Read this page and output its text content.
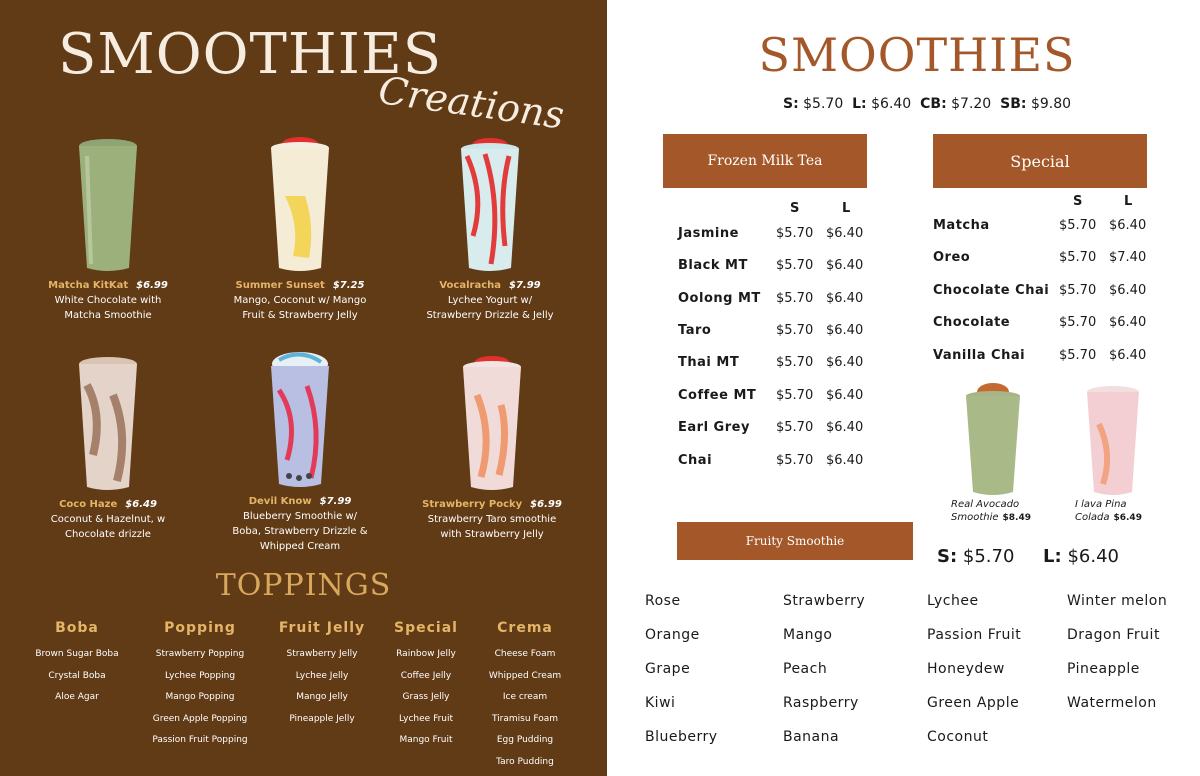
SMOOTHIES
Creations
Matcha KitKat $6.99
White Chocolate with Matcha Smoothie
Summer Sunset $7.25
Mango, Coconut w/ Mango Fruit & Strawberry Jelly
Vocalracha $7.99
Lychee Yogurt w/ Strawberry Drizzle & Jelly
Coco Haze $6.49
Coconut & Hazelnut, w Chocolate drizzle
Devil Know $7.99
Blueberry Smoothie w/ Boba, Strawberry Drizzle & Whipped Cream
Strawberry Pocky $6.99
Strawberry Taro smoothie with Strawberry Jelly
TOPPINGS
Boba
Brown Sugar Boba
Crystal Boba
Aloe Agar
Popping
Strawberry Popping
Lychee Popping
Mango Popping
Green Apple Popping
Passion Fruit Popping
Fruit Jelly
Strawberry Jelly
Lychee Jelly
Mango Jelly
Pineapple Jelly
Special
Rainbow Jelly
Coffee Jelly
Grass Jelly
Lychee Fruit
Mango Fruit
Crema
Cheese Foam
Whipped Cream
Ice cream
Tiramisu Foam
Egg Pudding
Taro Pudding
SMOOTHIES
S: $5.70 L: $6.40 CB: $7.20 SB: $9.80
Frozen Milk Tea
S	L
Jasmine	$5.70 $6.40
Black MT $5.70 $6.40
Oolong MT $5.70 $6.40
Taro	$5.70 $6.40
Thai MT	$5.70 $6.40
Coffee MT $5.70 $6.40
Earl Grey $5.70 $6.40
Chai	$5.70 $6.40
Special
S	L
Matcha	$5.70 $6.40
Oreo	$5.70 $7.40
Chocolate Chai $5.70 $6.40
Chocolate	$5.70 $6.40
Vanilla Chai	$5.70 $6.40
Real Avocado
Smoothie $8.49
I lava Pina
Colada $6.49
Fruity Smoothie
S: $5.70 L: $6.40
Rose	Strawberry	Lychee	Winter melon
Orange	Mango	Passion Fruit	Dragon Fruit
Grape	Peach	Honeydew	Pineapple
Kiwi	Raspberry	Green Apple	Watermelon
Blueberry	Banana	Coconut
